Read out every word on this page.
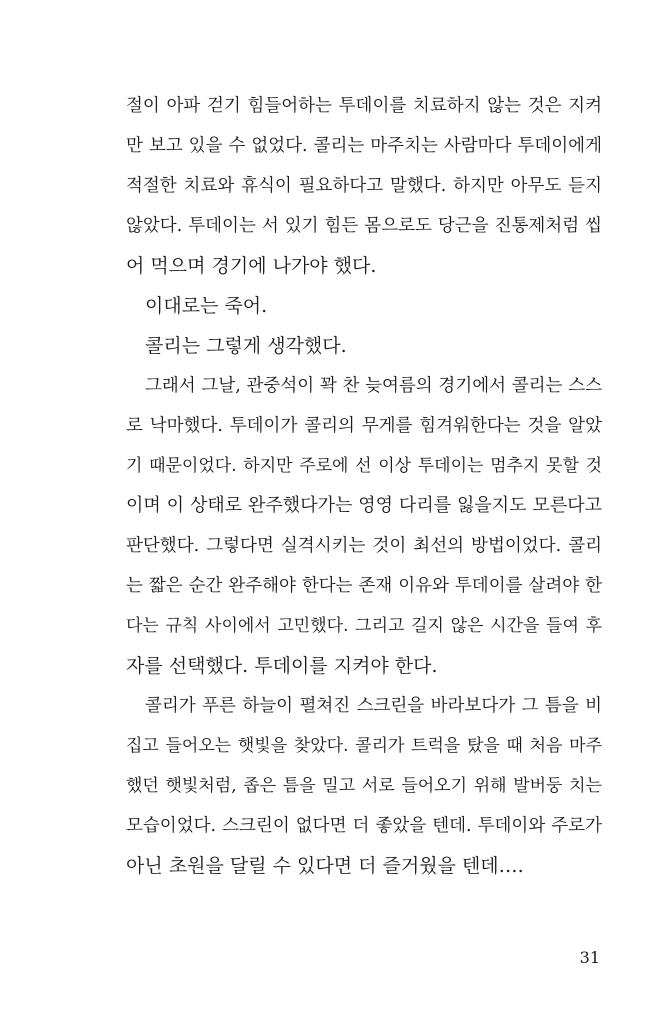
절이 아파 걷기 힘들어하는 투데이를 치료하지 않는 것은 지켜
만 보고 있을 수 없었다. 콜리는 마주치는 사람마다 투데이에게
적절한 치료와 휴식이 필요하다고 말했다. 하지만 아무도 듣지
않았다. 투데이는 서 있기 힘든 몸으로도 당근을 진통제처럼 씹
어 먹으며 경기에 나가야 했다.
이대로는 죽어.
콜리는 그렇게 생각했다.
그래서 그날, 관중석이 꽉 찬 늦여름의 경기에서 콜리는 스스
로 낙마했다. 투데이가 콜리의 무게를 힘겨워한다는 것을 알았
기 때문이었다. 하지만 주로에 선 이상 투데이는 멈추지 못할 것
이며 이 상태로 완주했다가는 영영 다리를 잃을지도 모른다고
판단했다. 그렇다면 실격시키는 것이 최선의 방법이었다. 콜리
는 짧은 순간 완주해야 한다는 존재 이유와 투데이를 살려야 한
다는 규칙 사이에서 고민했다. 그리고 길지 않은 시간을 들여 후
자를 선택했다. 투데이를 지켜야 한다.
콜리가 푸른 하늘이 펼쳐진 스크린을 바라보다가 그 틈을 비
집고 들어오는 햇빛을 찾았다. 콜리가 트럭을 탔을 때 처음 마주
했던 햇빛처럼, 좁은 틈을 밀고 서로 들어오기 위해 발버둥 치는
모습이었다. 스크린이 없다면 더 좋았을 텐데. 투데이와 주로가
아닌 초원을 달릴 수 있다면 더 즐거웠을 텐데….
31
